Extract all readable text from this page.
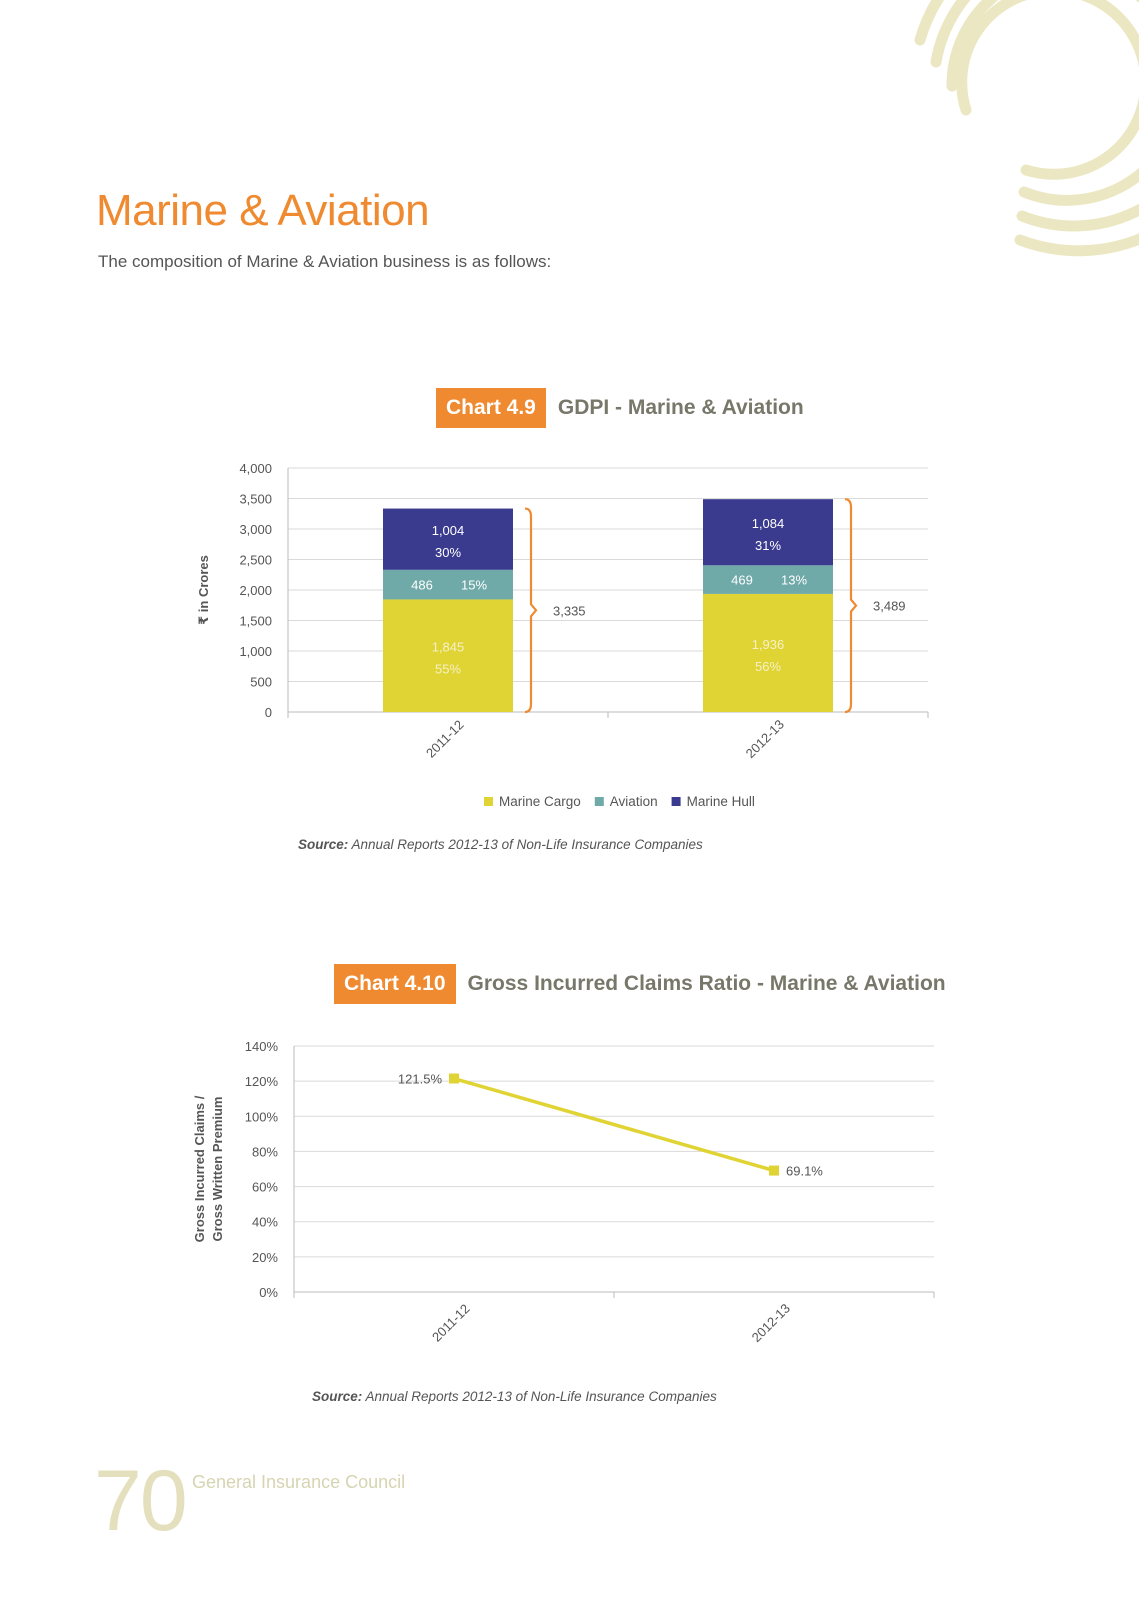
Marine & Aviation
The composition of Marine & Aviation business is as follows:
Chart 4.9	GDPI - Marine & Aviation
0
500
1,000
1,500
2,000
2,500
3,000
3,500
4,000
₹ in Crores
1,845
55%
486 15%
1,004
30%
3,335
2011-12
1,936
56%
469 13%
1,084
31%
3,489
2012-13
Marine Cargo Aviation Marine Hull
Source: Annual Reports 2012-13 of Non-Life Insurance Companies
Chart 4.10	Gross Incurred Claims Ratio - Marine & Aviation
0%
20%
40%
60%
80%
100%
120%
140%
Gross Incurred Claims / Gross Written Premium
121.5%
69.1%
2011-12	2012-13
Source: Annual Reports 2012-13 of Non-Life Insurance Companies
70 General Insurance Council
